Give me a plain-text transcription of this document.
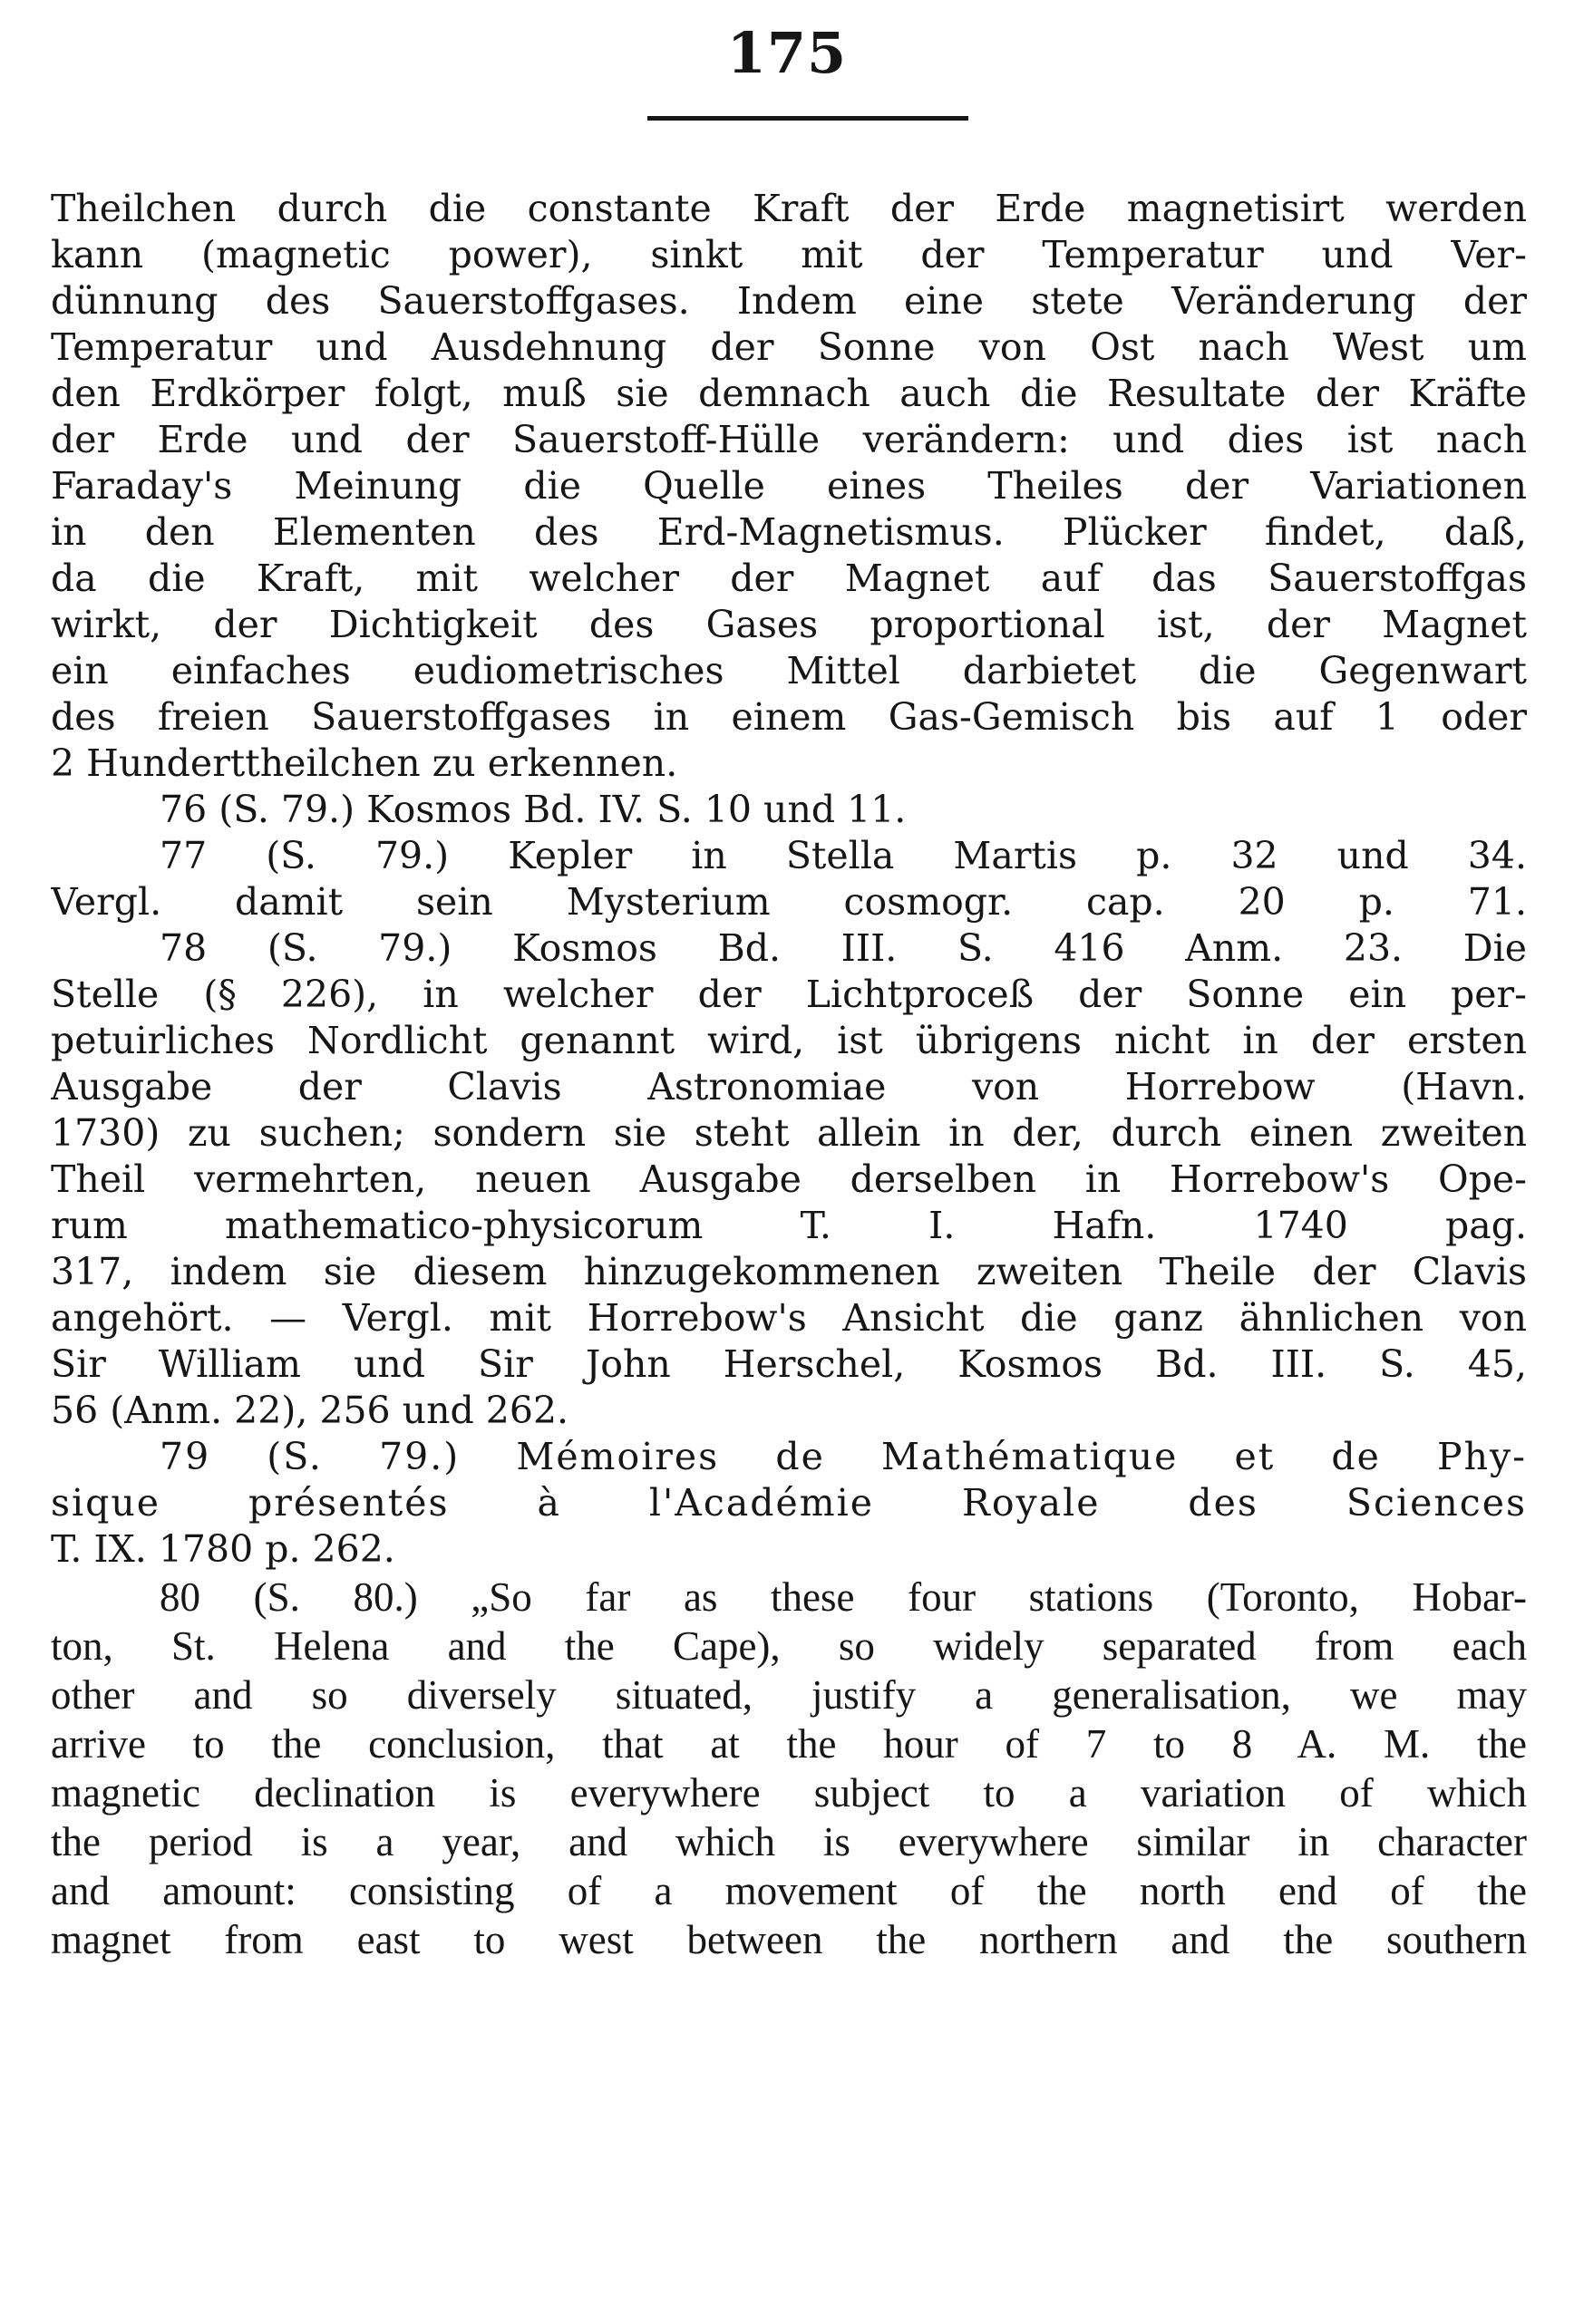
175
Theilchen durch die constante Kraft der Erde magnetisirt werden
kann (magnetic power), sinkt mit der Temperatur und Ver-
dünnung des Sauerstoffgases. Indem eine stete Veränderung der
Temperatur und Ausdehnung der Sonne von Ost nach West um
den Erdkörper folgt, muß sie demnach auch die Resultate der Kräfte
der Erde und der Sauerstoff-Hülle verändern: und dies ist nach
Faraday's Meinung die Quelle eines Theiles der Variationen
in den Elementen des Erd-Magnetismus. Plücker findet, daß,
da die Kraft, mit welcher der Magnet auf das Sauerstoffgas
wirkt, der Dichtigkeit des Gases proportional ist, der Magnet
ein einfaches eudiometrisches Mittel darbietet die Gegenwart
des freien Sauerstoffgases in einem Gas-Gemisch bis auf 1 oder
2 Hunderttheilchen zu erkennen.
76 (S. 79.) Kosmos Bd. IV. S. 10 und 11.
77 (S. 79.) Kepler in Stella Martis p. 32 und 34.
Vergl. damit sein Mysterium cosmogr. cap. 20 p. 71.
78 (S. 79.) Kosmos Bd. III. S. 416 Anm. 23. Die
Stelle (§ 226), in welcher der Lichtproceß der Sonne ein per-
petuirliches Nordlicht genannt wird, ist übrigens nicht in der ersten
Ausgabe der Clavis Astronomiae von Horrebow (Havn.
1730) zu suchen; sondern sie steht allein in der, durch einen zweiten
Theil vermehrten, neuen Ausgabe derselben in Horrebow's Ope-
rum mathematico-physicorum T. I. Hafn. 1740 pag.
317, indem sie diesem hinzugekommenen zweiten Theile der Clavis
angehört. — Vergl. mit Horrebow's Ansicht die ganz ähnlichen von
Sir William und Sir John Herschel, Kosmos Bd. III. S. 45,
56 (Anm. 22), 256 und 262.
79 (S. 79.) Mémoires de Mathématique et de Phy-
sique présentés à l'Académie Royale des Sciences
T. IX. 1780 p. 262.
80 (S. 80.) „So far as these four stations (Toronto, Hobar-
ton, St. Helena and the Cape), so widely separated from each
other and so diversely situated, justify a generalisation, we may
arrive to the conclusion, that at the hour of 7 to 8 A. M. the
magnetic declination is everywhere subject to a variation of which
the period is a year, and which is everywhere similar in character
and amount: consisting of a movement of the north end of the
magnet from east to west between the northern and the southern
